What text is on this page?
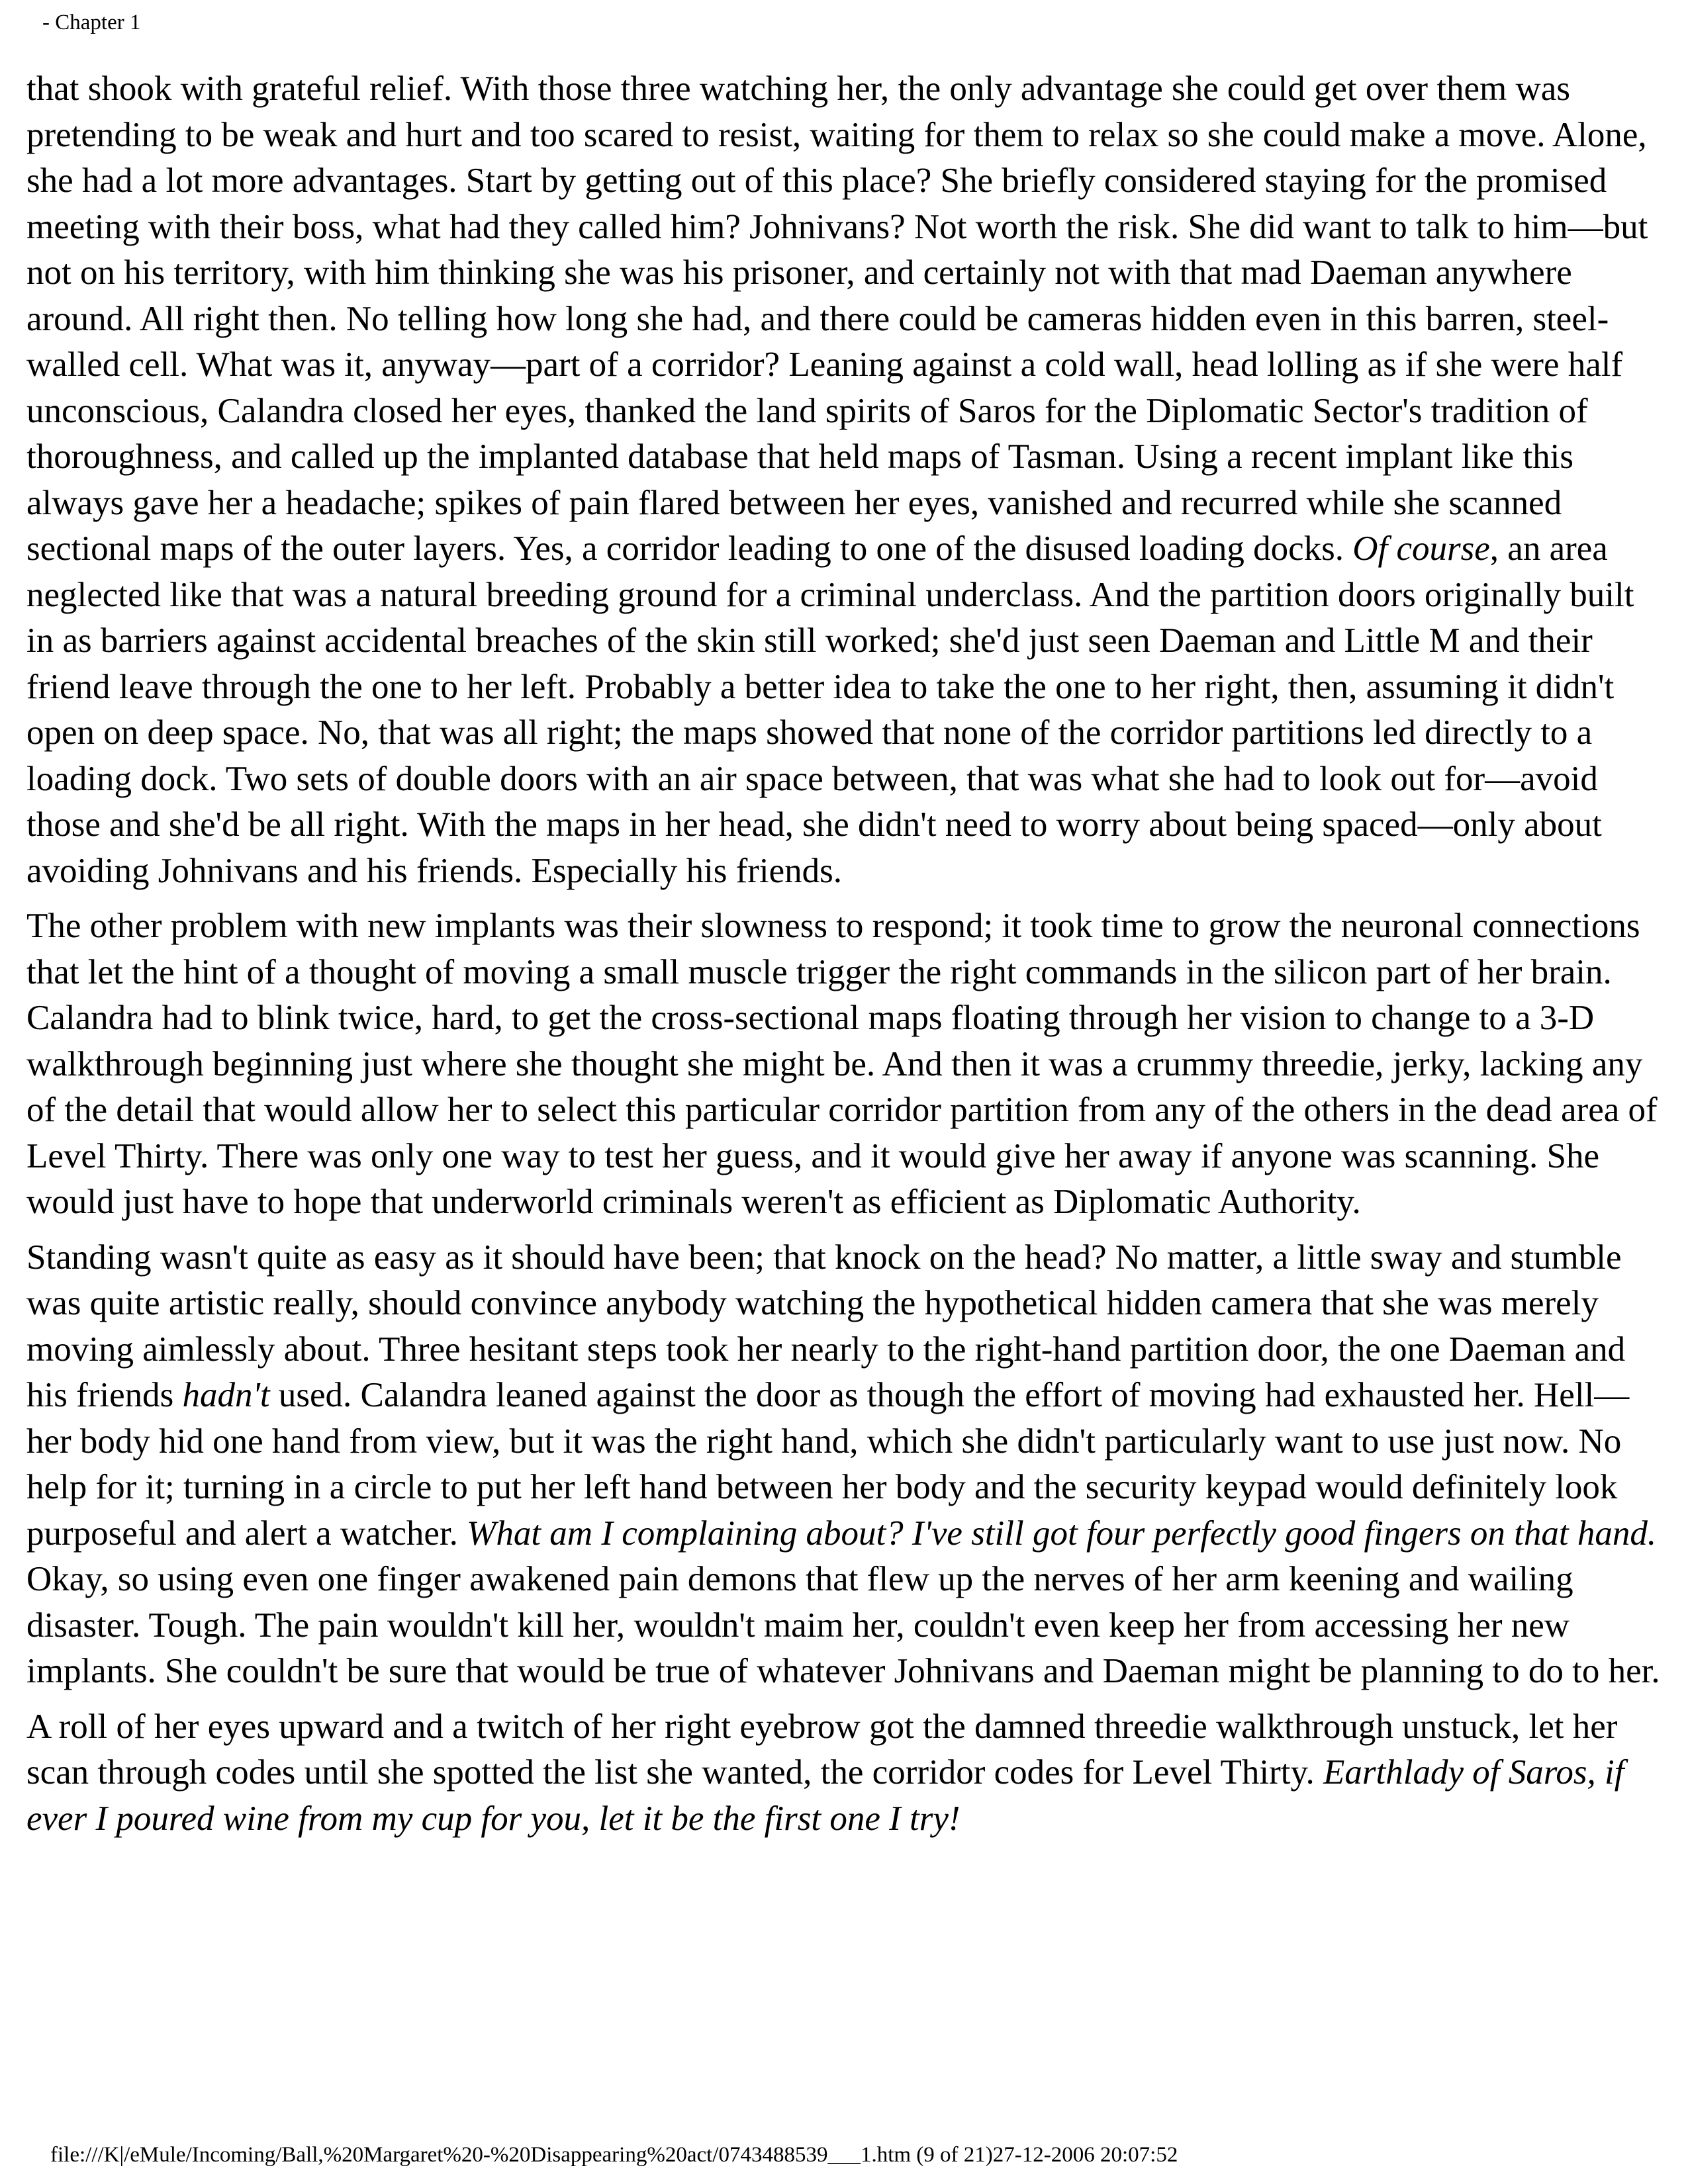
- Chapter 1

that shook with grateful relief. With those three watching her, the only advantage she could get over them was pretending to be weak and hurt and too scared to resist, waiting for them to relax so she could make a move. Alone, she had a lot more advantages. Start by getting out of this place? She briefly considered staying for the promised meeting with their boss, what had they called him? Johnivans? Not worth the risk. She did want to talk to him—but not on his territory, with him thinking she was his prisoner, and certainly not with that mad Daeman anywhere around. All right then. No telling how long she had, and there could be cameras hidden even in this barren, steel-walled cell. What was it, anyway—part of a corridor? Leaning against a cold wall, head lolling as if she were half unconscious, Calandra closed her eyes, thanked the land spirits of Saros for the Diplomatic Sector's tradition of thoroughness, and called up the implanted database that held maps of Tasman. Using a recent implant like this always gave her a headache; spikes of pain flared between her eyes, vanished and recurred while she scanned sectional maps of the outer layers. Yes, a corridor leading to one of the disused loading docks. Of course, an area neglected like that was a natural breeding ground for a criminal underclass. And the partition doors originally built in as barriers against accidental breaches of the skin still worked; she'd just seen Daeman and Little M and their friend leave through the one to her left. Probably a better idea to take the one to her right, then, assuming it didn't open on deep space. No, that was all right; the maps showed that none of the corridor partitions led directly to a loading dock. Two sets of double doors with an air space between, that was what she had to look out for—avoid those and she'd be all right. With the maps in her head, she didn't need to worry about being spaced—only about avoiding Johnivans and his friends. Especially his friends.

The other problem with new implants was their slowness to respond; it took time to grow the neuronal connections that let the hint of a thought of moving a small muscle trigger the right commands in the silicon part of her brain. Calandra had to blink twice, hard, to get the cross-sectional maps floating through her vision to change to a 3-D walkthrough beginning just where she thought she might be. And then it was a crummy threedie, jerky, lacking any of the detail that would allow her to select this particular corridor partition from any of the others in the dead area of Level Thirty. There was only one way to test her guess, and it would give her away if anyone was scanning. She would just have to hope that underworld criminals weren't as efficient as Diplomatic Authority.

Standing wasn't quite as easy as it should have been; that knock on the head? No matter, a little sway and stumble was quite artistic really, should convince anybody watching the hypothetical hidden camera that she was merely moving aimlessly about. Three hesitant steps took her nearly to the right-hand partition door, the one Daeman and his friends hadn't used. Calandra leaned against the door as though the effort of moving had exhausted her. Hell—her body hid one hand from view, but it was the right hand, which she didn't particularly want to use just now. No help for it; turning in a circle to put her left hand between her body and the security keypad would definitely look purposeful and alert a watcher. What am I complaining about? I've still got four perfectly good fingers on that hand. Okay, so using even one finger awakened pain demons that flew up the nerves of her arm keening and wailing disaster. Tough. The pain wouldn't kill her, wouldn't maim her, couldn't even keep her from accessing her new implants. She couldn't be sure that would be true of whatever Johnivans and Daeman might be planning to do to her.

A roll of her eyes upward and a twitch of her right eyebrow got the damned threedie walkthrough unstuck, let her scan through codes until she spotted the list she wanted, the corridor codes for Level Thirty. Earthlady of Saros, if ever I poured wine from my cup for you, let it be the first one I try!

file:///K|/eMule/Incoming/Ball,%20Margaret%20-%20Disappearing%20act/0743488539___1.htm (9 of 21)27-12-2006 20:07:52
